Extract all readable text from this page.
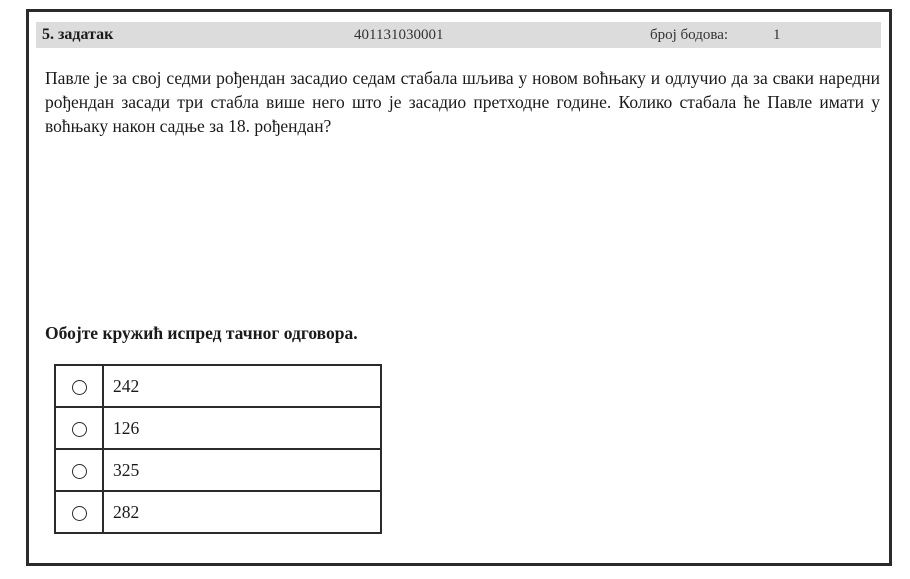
5. задатак	401131030001	број бодова:	1
Павле је за свој седми рођендан засадио седам стабала шљива у новом воћњаку и одлучио да за сваки наредни рођендан засади три стабла више него што је засадио претходне године. Колико стабала ће Павле имати у воћњаку након садње за 18. рођендан?
Обојте кружић испред тачног одговора.
	242
	126
	325
	282
